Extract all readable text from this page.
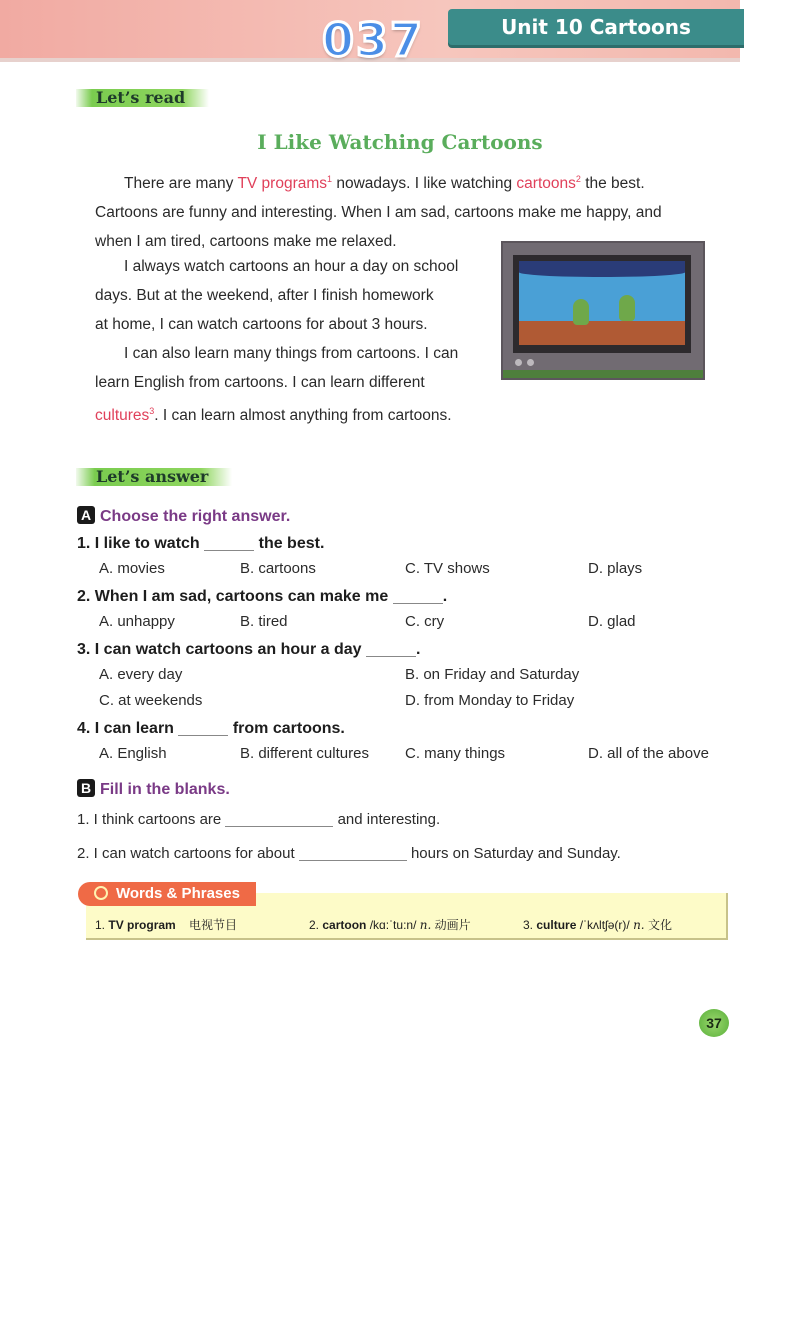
037	Unit 10 Cartoons
Let’s read
I Like Watching Cartoons
There are many TV programs$^1$ nowadays. I like watching cartoons$^2$ the best.
Cartoons are funny and interesting. When I am sad, cartoons make me happy, and
when I am tired, cartoons make me relaxed.
I always watch cartoons an hour a day on school
days. But at the weekend, after I finish homework
at home, I can watch cartoons for about 3 hours.
I can also learn many things from cartoons. I can
learn English from cartoons. I can learn different
cultures$^3$. I can learn almost anything from cartoons.
Let’s answer
A Choose the right answer.
1. I like to watch	the best.
A. movies	B. cartoons	C. TV shows	D. plays
2. When I am sad, cartoons can make me	.
A. unhappy	B. tired	C. cry	D. glad
3. I can watch cartoons an hour a day	.
A. every day	B. on Friday and Saturday
C. at weekends	D. from Monday to Friday
4. I can learn	from cartoons.
A. English	B. different cultures C. many things	D. all of the above
B Fill in the blanks.
1. I think cartoons are	and interesting.
2. I can watch cartoons for about	hours on Saturday and Sunday.
Words & Phrases
1. TV program 电视节目	2. cartoon /kɑ:ˈtu:n/ n. 动画片	3. culture /ˈkʌltʃə(r)/ n. 文化
37
